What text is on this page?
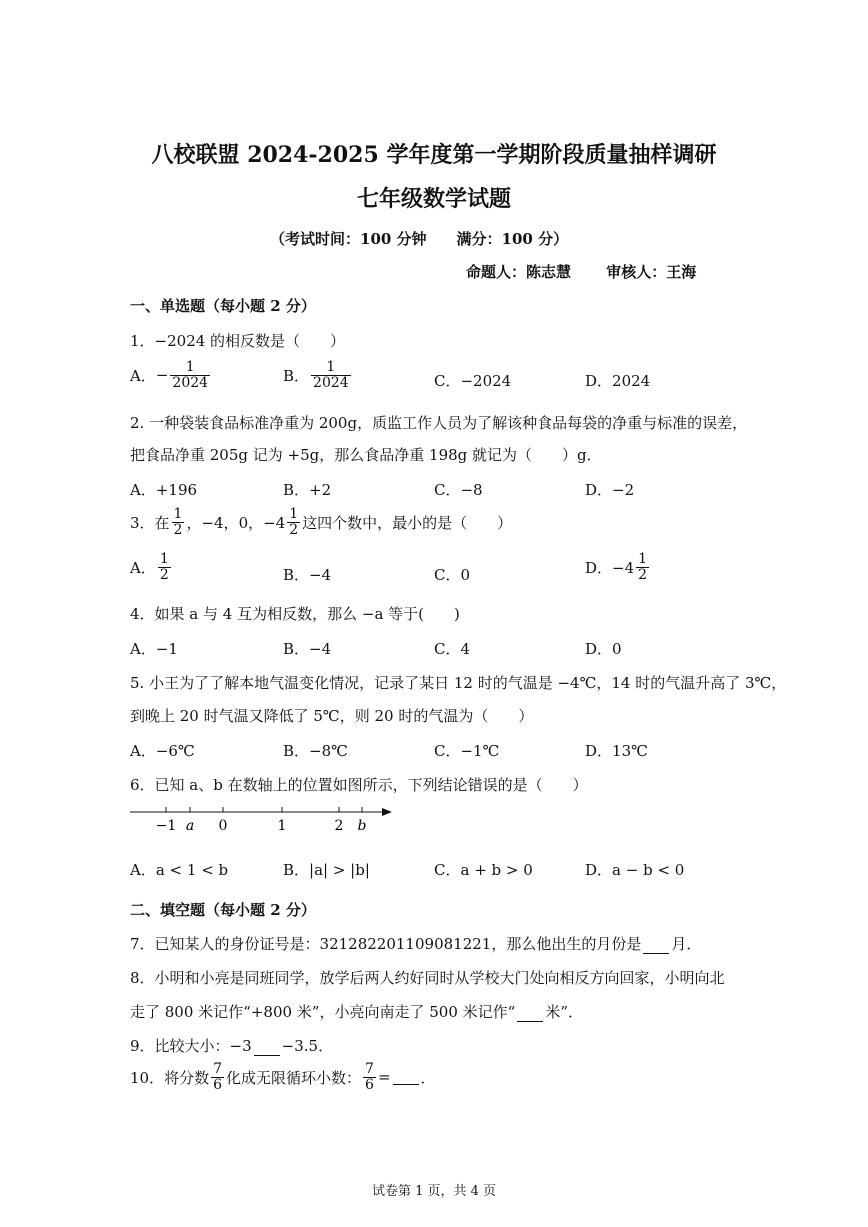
八校联盟 2024-2025 学年度第一学期阶段质量抽样调研
七年级数学试题
（考试时间：100 分钟　　满分：100 分）
命题人：陈志慧　　 审核人：王海
一、单选题（每小题 2 分）
1．−2024 的相反数是（　　）
A． − $\frac{1}{2024}$	B． $\frac{1}{2024}$	C．−2024	D．2024
2. 一种袋装食品标准净重为 200g，质监工作人员为了解该种食品每袋的净重与标准的误差，
把食品净重 205g 记为 +5g，那么食品净重 198g 就记为（　　）g．
A．+196	B．+2	C．−8	D．−2
3．在 $\frac{1}{2}$ ，−4，0，$-4 \frac{1}{2}$ 这四个数中，最小的是（　　）
A． $\frac{1}{2}$	B．−4	C．0	D．$-4 \frac{1}{2}$
4．如果 a 与 4 互为相反数，那么 −a 等于(　　)
A．−1	B．−4	C．4	D．0
5. 小王为了了解本地气温变化情况，记录了某日 12 时的气温是 −4℃，14 时的气温升高了 3℃，
到晚上 20 时气温又降低了 5℃，则 20 时的气温为（　　）
A．−6℃	B．−8℃	C．−1℃	D．13℃
6．已知 a、b 在数轴上的位置如图所示，下列结论错误的是（　　）
−1 a 0	1	2 b
A．a < 1 < b	B．|a| > |b|	C．a + b > 0	D．a − b < 0
二、填空题（每小题 2 分）
7．已知某人的身份证号是：321282201109081221，那么他出生的月份是 月．
8．小明和小亮是同班同学，放学后两人约好同时从学校大门处向相反方向回家，小明向北
走了 800 米记作“+800 米”，小亮向南走了 500 米记作“ 米”．
9．比较大小：−3 −3.5．
10．将分数 $\frac{7}{6}$ 化成无限循环小数： $\frac{7}{6}$ = ．
试卷第 1 页，共 4 页
